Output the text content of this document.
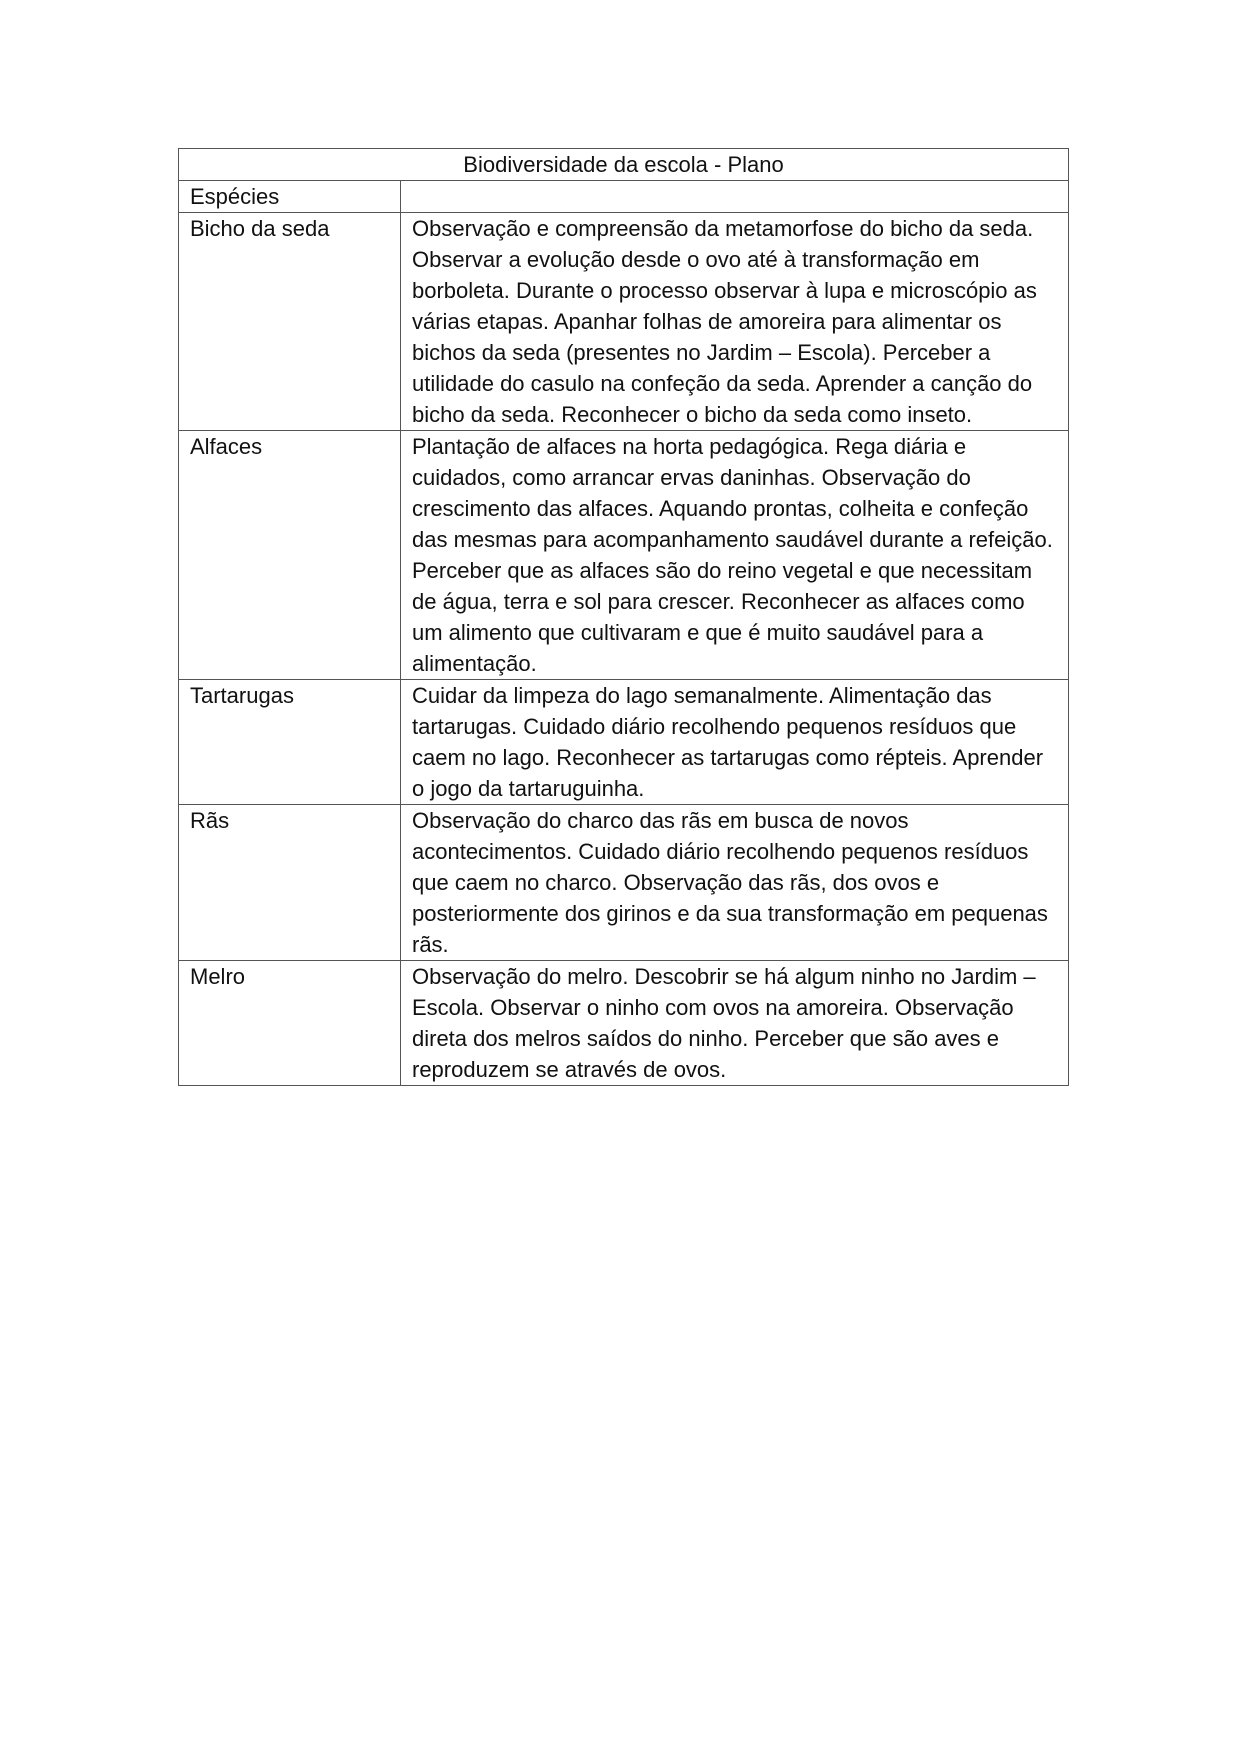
Biodiversidade da escola - Plano	
Espécies	
Bicho da seda	Observação e compreensão da metamorfose do bicho da seda. Observar a evolução desde o ovo até à transformação em borboleta. Durante o processo observar à lupa e microscópio as várias etapas. Apanhar folhas de amoreira para alimentar os bichos da seda (presentes no Jardim – Escola). Perceber a utilidade do casulo na confeção da seda. Aprender a canção do bicho da seda. Reconhecer o bicho da seda como inseto.
Alfaces	Plantação de alfaces na horta pedagógica. Rega diária e cuidados, como arrancar ervas daninhas. Observação do crescimento das alfaces. Aquando prontas, colheita e confeção das mesmas para acompanhamento saudável durante a refeição. Perceber que as alfaces são do reino vegetal e que necessitam de água, terra e sol para crescer. Reconhecer as alfaces como um alimento que cultivaram e que é muito saudável para a alimentação.
Tartarugas	Cuidar da limpeza do lago semanalmente. Alimentação das tartarugas. Cuidado diário recolhendo pequenos resíduos que caem no lago. Reconhecer as tartarugas como répteis. Aprender o jogo da tartaruguinha.
Rãs	Observação do charco das rãs em busca de novos acontecimentos. Cuidado diário recolhendo pequenos resíduos que caem no charco. Observação das rãs, dos ovos e posteriormente dos girinos e da sua transformação em pequenas rãs.
Melro	Observação do melro. Descobrir se há algum ninho no Jardim – Escola. Observar o ninho com ovos na amoreira. Observação direta dos melros saídos do ninho. Perceber que são aves e reproduzem se através de ovos.
